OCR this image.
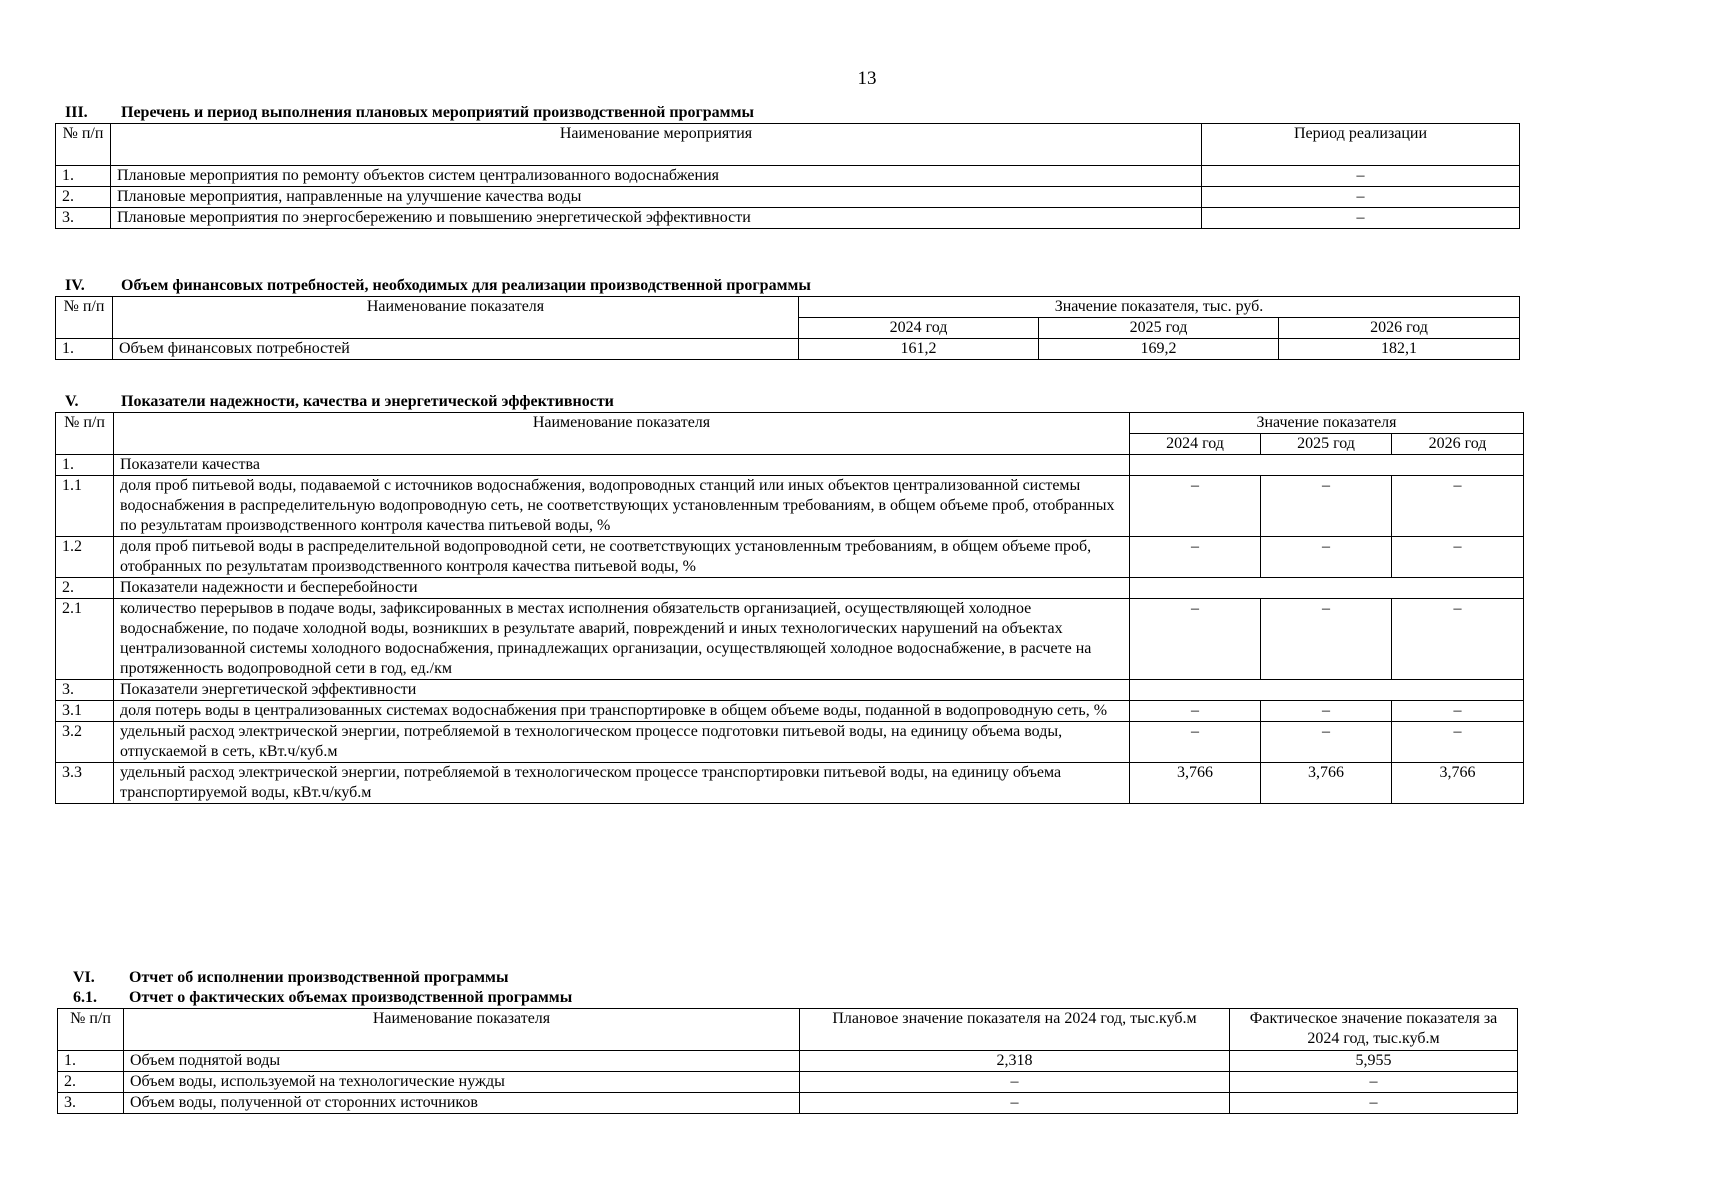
13
III. Перечень и период выполнения плановых мероприятий производственной программы
№ п/п	Наименование мероприятия	Период реализации
1.	Плановые мероприятия по ремонту объектов систем централизованного водоснабжения	–
2.	Плановые мероприятия, направленные на улучшение качества воды	–
3.	Плановые мероприятия по энергосбережению и повышению энергетической эффективности	–
IV. Объем финансовых потребностей, необходимых для реализации производственной программы
№ п/п	Наименование показателя	Значение показателя, тыс. руб.		
		2024 год	2025 год	2026 год
1.	Объем финансовых потребностей	161,2	169,2	182,1
V.	Показатели надежности, качества и энергетической эффективности
№ п/п	Наименование показателя	Значение показателя		
		2024 год	2025 год	2026 год
1.	Показатели качества			
1.1	доля проб питьевой воды, подаваемой с источников водоснабжения, водопроводных станций или иных объектов централизованной системы водоснабжения в распределительную водопроводную сеть, не соответствующих установленным требованиям, в общем объеме проб, отобранных по результатам производственного контроля качества питьевой воды, %	–	–	–
1.2	доля проб питьевой воды в распределительной водопроводной сети, не соответствующих установленным требованиям, в общем объеме проб, отобранных по результатам производственного контроля качества питьевой воды, %	–	–	–
2.	Показатели надежности и бесперебойности			
2.1	количество перерывов в подаче воды, зафиксированных в местах исполнения обязательств организацией, осуществляющей холодное водоснабжение, по подаче холодной воды, возникших в результате аварий, повреждений и иных технологических нарушений на объектах централизованной системы холодного водоснабжения, принадлежащих организации, осуществляющей холодное водоснабжение, в расчете на протяженность водопроводной сети в год, ед./км	–	–	–
3.	Показатели энергетической эффективности			
3.1	доля потерь воды в централизованных системах водоснабжения при транспортировке в общем объеме воды, поданной в водопроводную сеть, %	–	–	–
3.2	удельный расход электрической энергии, потребляемой в технологическом процессе подготовки питьевой воды, на единицу объема воды, отпускаемой в сеть, кВт.ч/куб.м	–	–	–
3.3	удельный расход электрической энергии, потребляемой в технологическом процессе транспортировки питьевой воды, на единицу объема транспортируемой воды, кВт.ч/куб.м	3,766	3,766	3,766
VI. Отчет об исполнении производственной программы
6.1. Отчет о фактических объемах производственной программы
№ п/п	Наименование показателя	Плановое значение показателя на 2024 год, тыс.куб.м	Фактическое значение показателя за 2024 год, тыс.куб.м
1.	Объем поднятой воды	2,318	5,955
2.	Объем воды, используемой на технологические нужды	–	–
3.	Объем воды, полученной от сторонних источников	–	–
